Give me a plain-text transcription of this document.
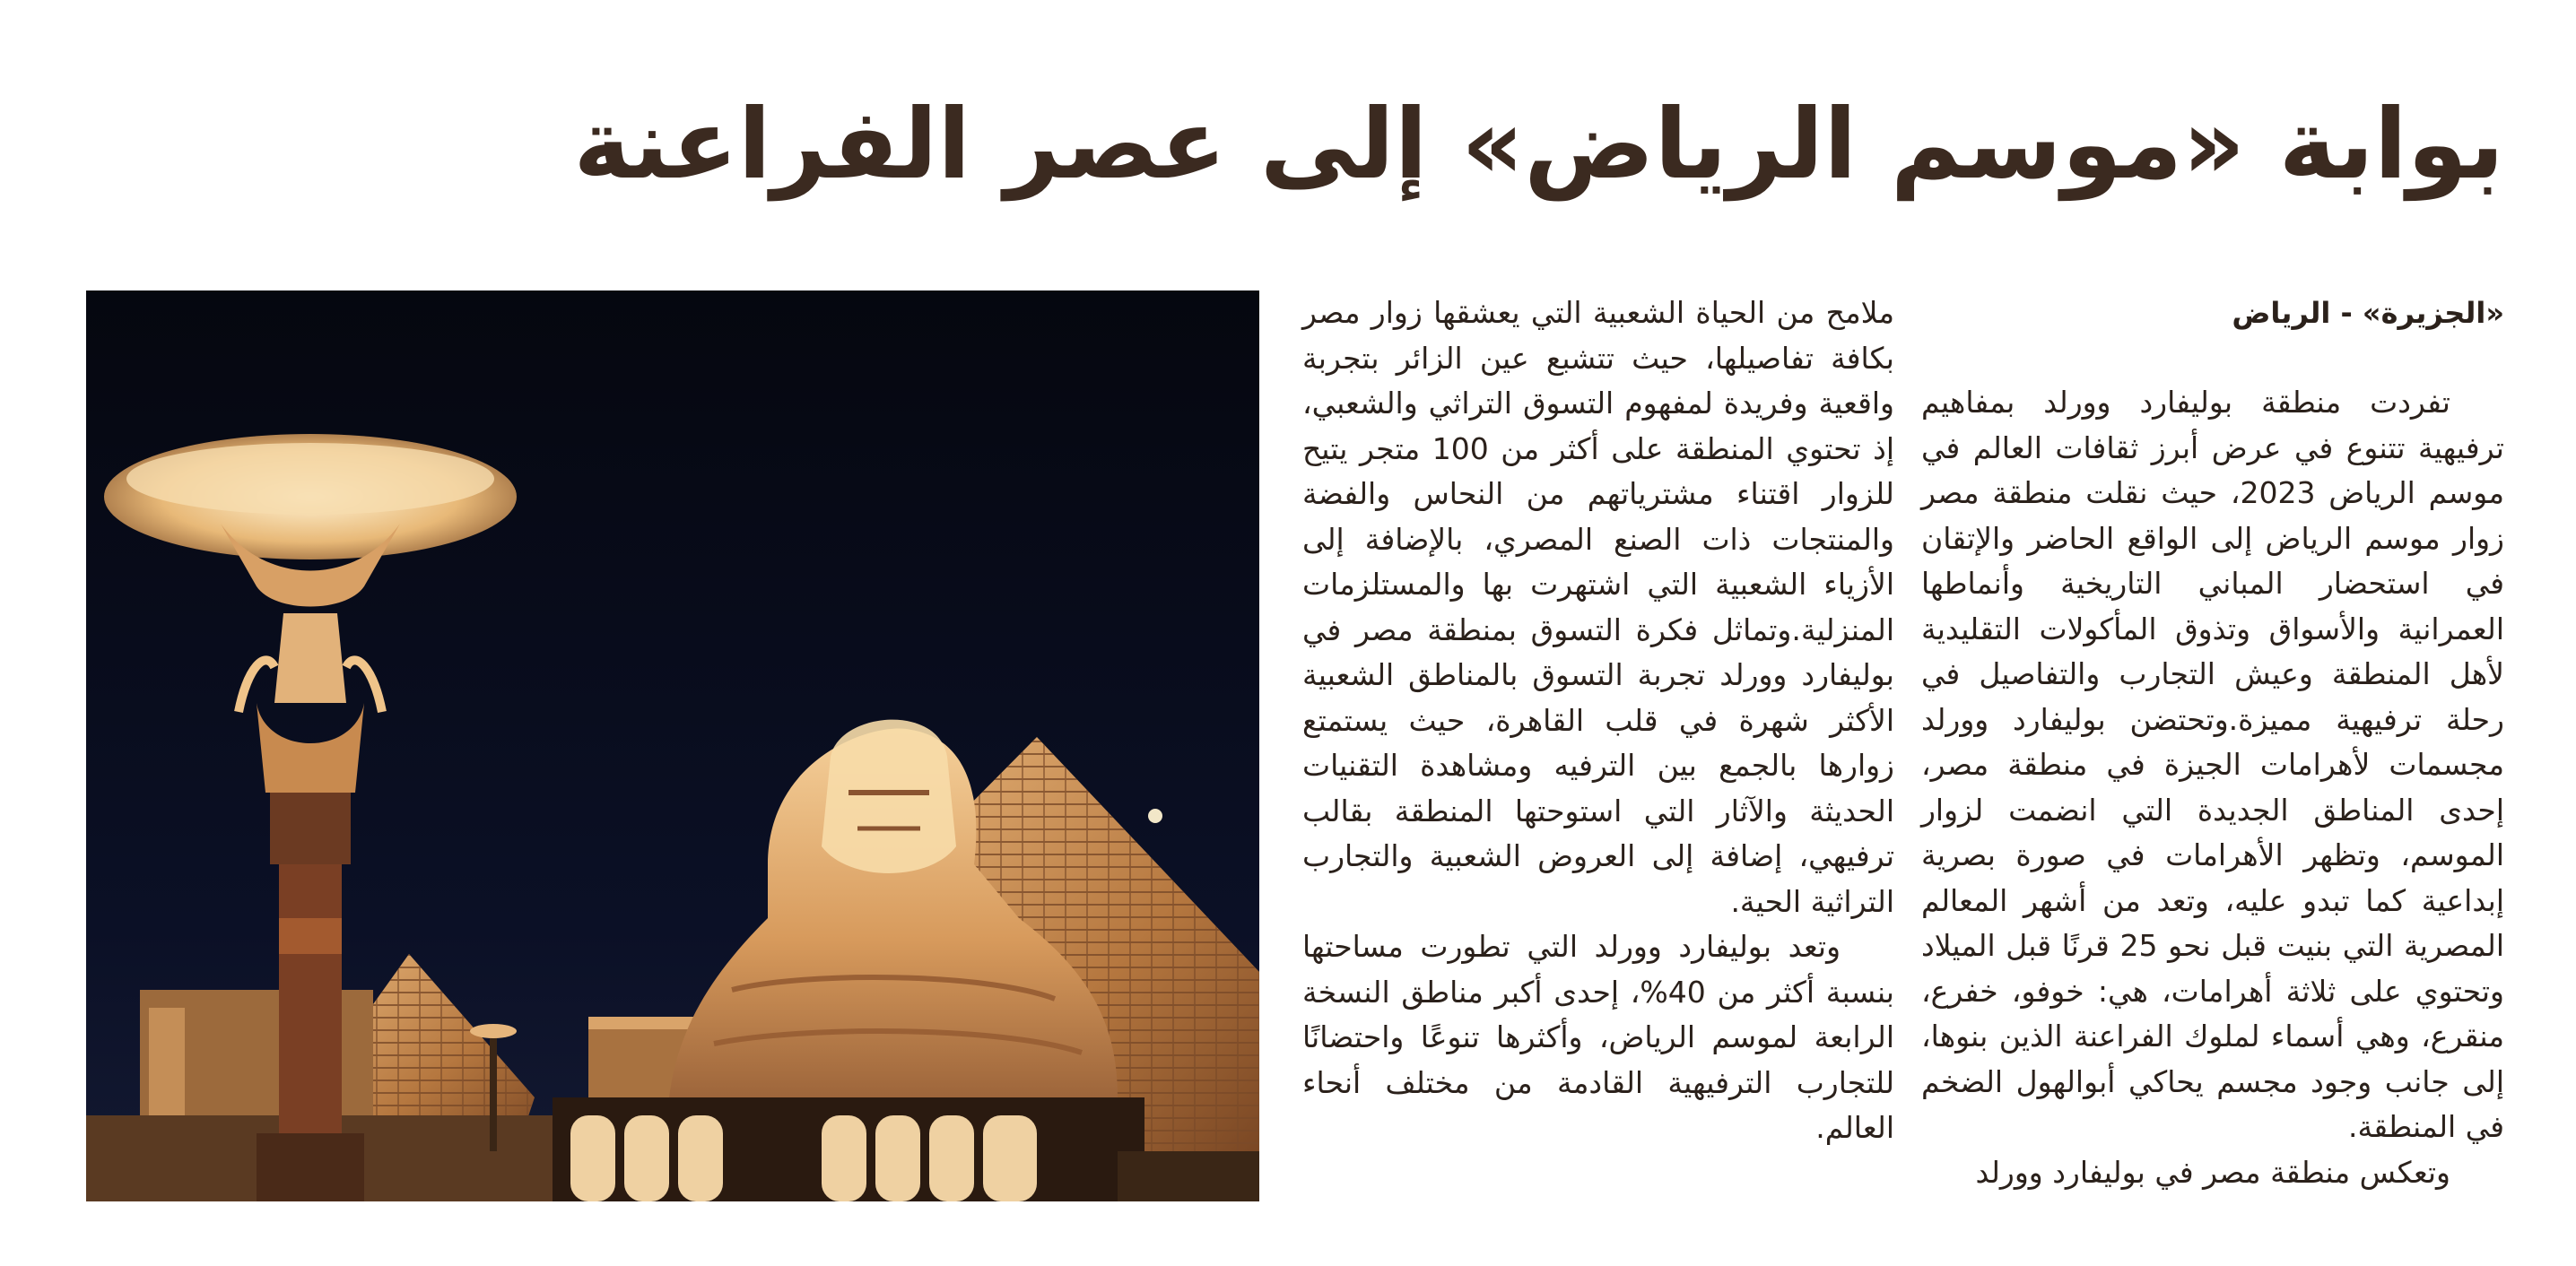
بوابة «موسم الرياض» إلى عصر الفراعنة

«الجزيرة» - الرياض

تفردت منطقة بوليفارد وورلد بمفاهيم ترفيهية تتنوع في عرض أبرز ثقافات العالم في موسم الرياض 2023، حيث نقلت منطقة مصر زوار موسم الرياض إلى الواقع الحاضر والإتقان في استحضار المباني التاريخية وأنماطها العمرانية والأسواق وتذوق المأكولات التقليدية لأهل المنطقة وعيش التجارب والتفاصيل في رحلة ترفيهية مميزة.وتحتضن بوليفارد وورلد مجسمات لأهرامات الجيزة في منطقة مصر، إحدى المناطق الجديدة التي انضمت لزوار الموسم، وتظهر الأهرامات في صورة بصرية إبداعية كما تبدو عليه، وتعد من أشهر المعالم المصرية التي بنيت قبل نحو 25 قرنًا قبل الميلاد وتحتوي على ثلاثة أهرامات، هي: خوفو، خفرع، منقرع، وهي أسماء لملوك الفراعنة الذين بنوها، إلى جانب وجود مجسم يحاكي أبوالهول الضخم في المنطقة.

وتعكس منطقة مصر في بوليفارد وورلد

ملامح من الحياة الشعبية التي يعشقها زوار مصر بكافة تفاصيلها، حيث تتشبع عين الزائر بتجربة واقعية وفريدة لمفهوم التسوق التراثي والشعبي، إذ تحتوي المنطقة على أكثر من 100 متجر يتيح للزوار اقتناء مشترياتهم من النحاس والفضة والمنتجات ذات الصنع المصري، بالإضافة إلى الأزياء الشعبية التي اشتهرت بها والمستلزمات المنزلية.وتماثل فكرة التسوق بمنطقة مصر في بوليفارد وورلد تجربة التسوق بالمناطق الشعبية الأكثر شهرة في قلب القاهرة، حيث يستمتع زوارها بالجمع بين الترفيه ومشاهدة التقنيات الحديثة والآثار التي استوحتها المنطقة بقالب ترفيهي، إضافة إلى العروض الشعبية والتجارب التراثية الحية.

وتعد بوليفارد وورلد التي تطورت مساحتها بنسبة أكثر من 40%، إحدى أكبر مناطق النسخة الرابعة لموسم الرياض، وأكثرها تنوعًا واحتضانًا للتجارب الترفيهية القادمة من مختلف أنحاء العالم.
